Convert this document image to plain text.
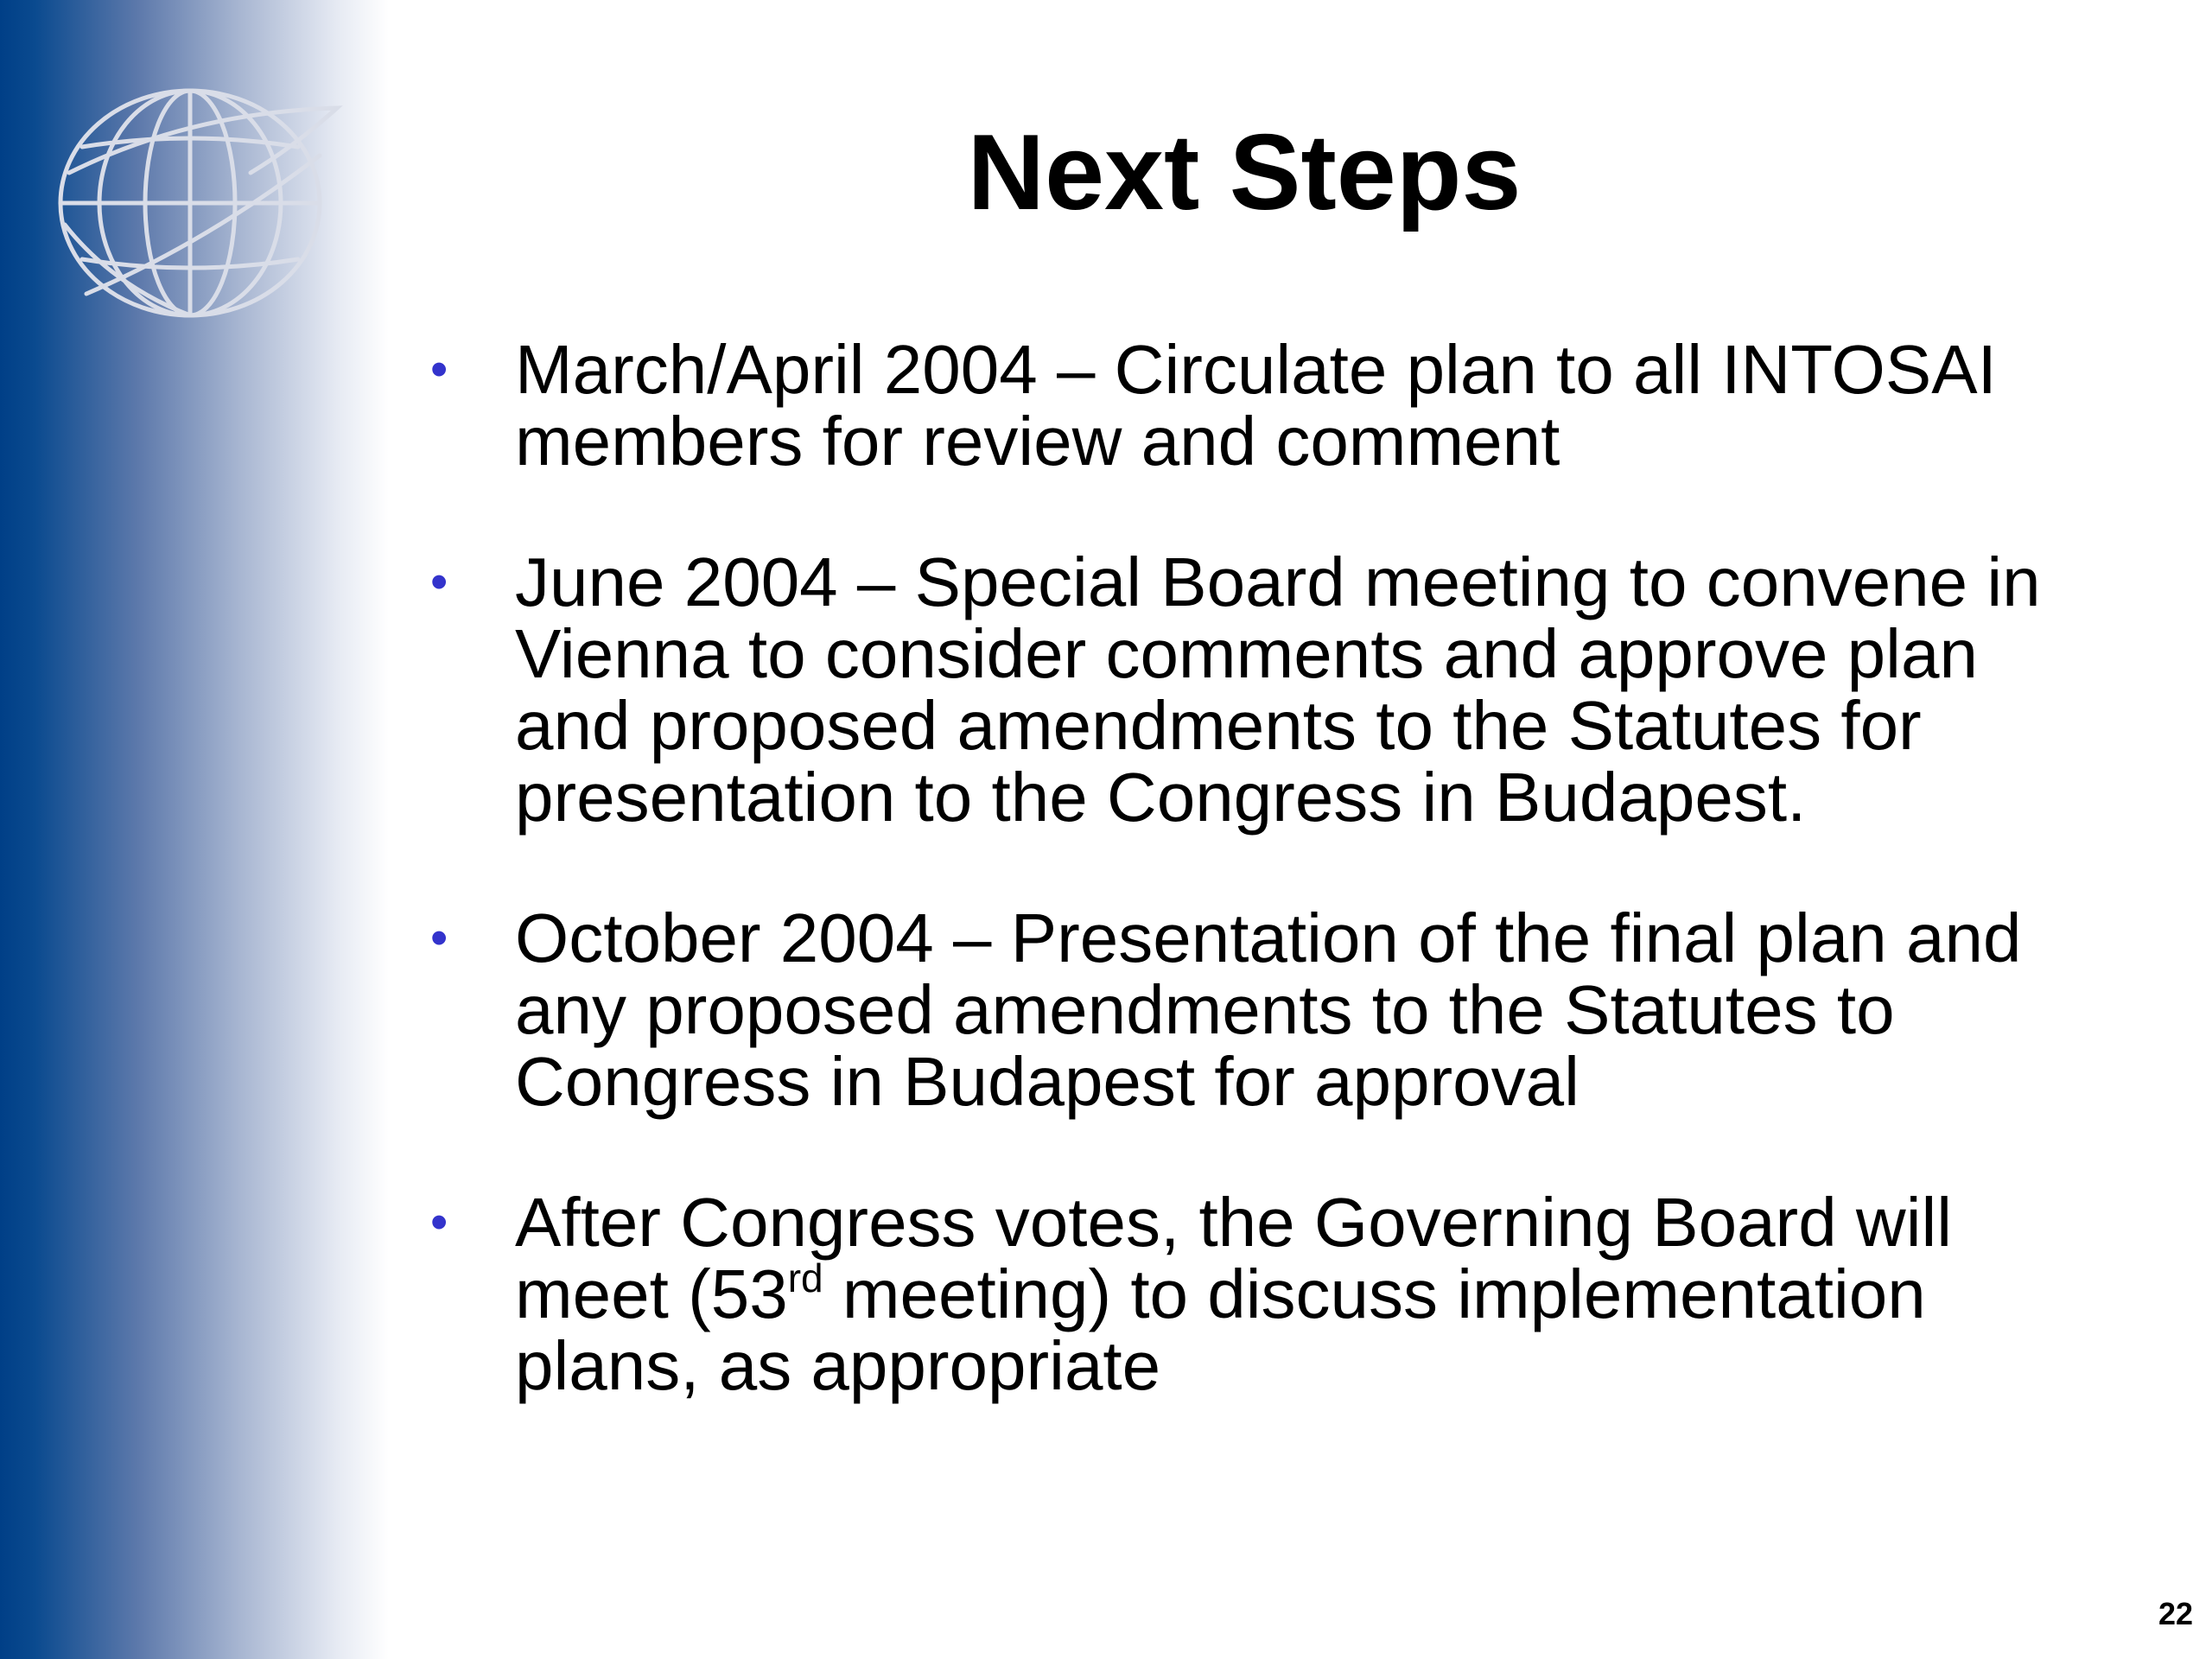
Next Steps
• March/April 2004 – Circulate plan to all INTOSAI members for review and comment
• June 2004 – Special Board meeting to convene in Vienna to consider comments and approve plan and proposed amendments to the Statutes for presentation to the Congress in Budapest.
• October 2004 – Presentation of the final plan and any proposed amendments to the Statutes to Congress in Budapest for approval
• After Congress votes, the Governing Board will meet (53rd meeting) to discuss implementation plans, as appropriate
22
